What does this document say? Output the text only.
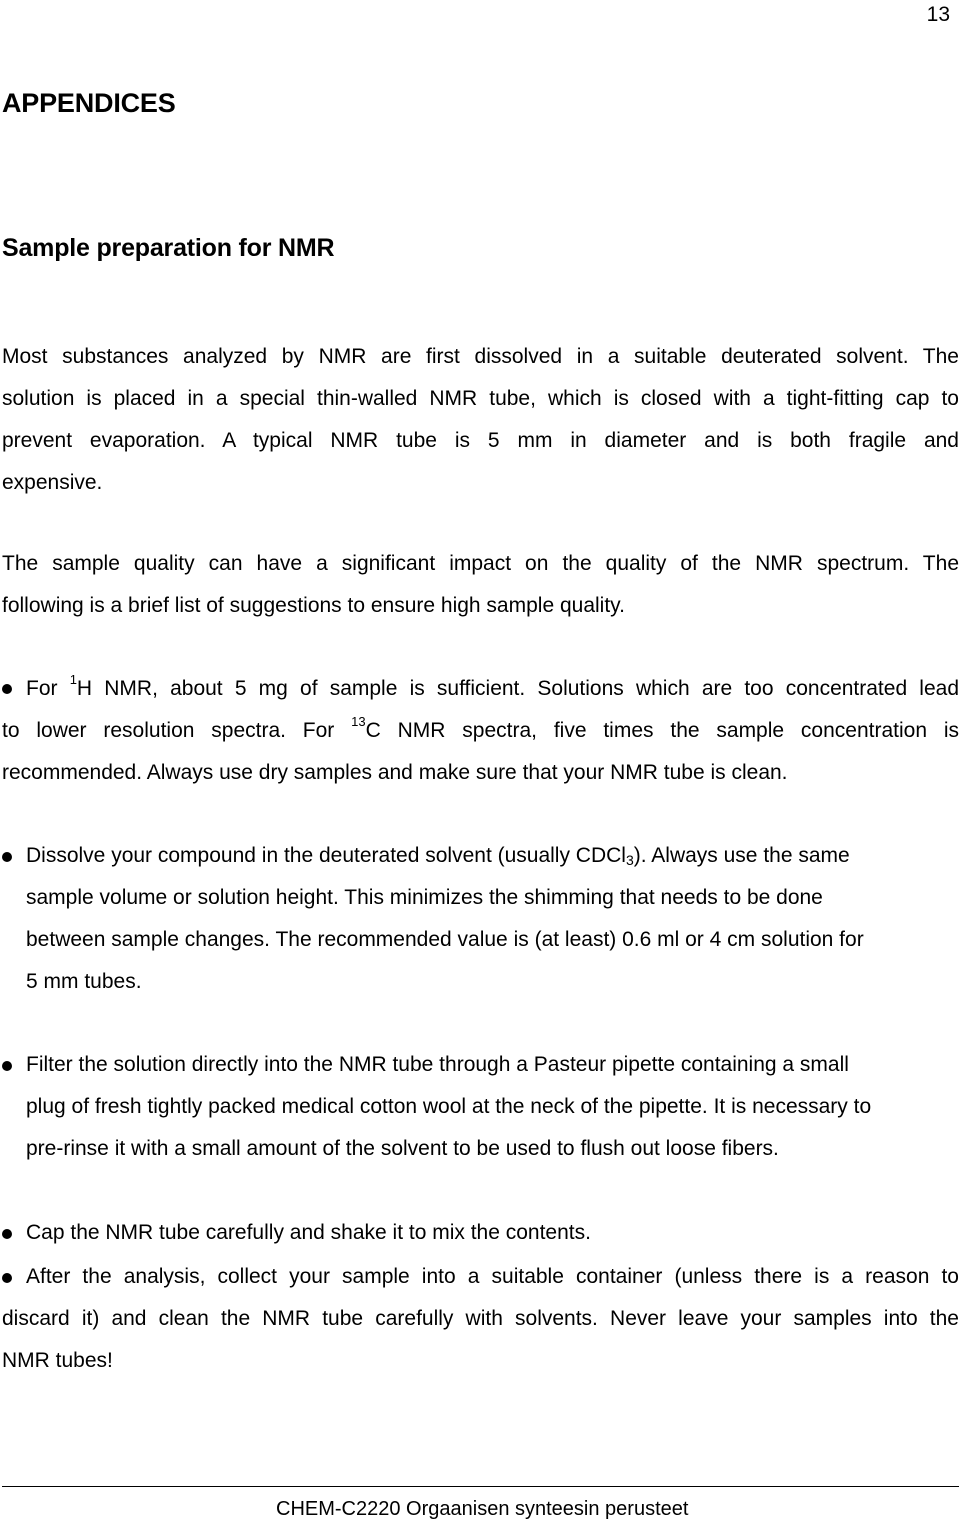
13
APPENDICES
Sample preparation for NMR
Most substances analyzed by NMR are first dissolved in a suitable deuterated solvent. The
solution is placed in a special thin-walled NMR tube, which is closed with a tight-fitting cap to
prevent evaporation. A typical NMR tube is 5 mm in diameter and is both fragile and
expensive.
The sample quality can have a significant impact on the quality of the NMR spectrum. The
following is a brief list of suggestions to ensure high sample quality.
For $^1$H NMR, about 5 mg of sample is sufficient. Solutions which are too concentrated lead
to lower resolution spectra. For $^{13}$C NMR spectra, five times the sample concentration is
recommended. Always use dry samples and make sure that your NMR tube is clean.
Dissolve your compound in the deuterated solvent (usually CDCl$_3$). Always use the same
sample volume or solution height. This minimizes the shimming that needs to be done
between sample changes. The recommended value is (at least) 0.6 ml or 4 cm solution for
5 mm tubes.
Filter the solution directly into the NMR tube through a Pasteur pipette containing a small
plug of fresh tightly packed medical cotton wool at the neck of the pipette. It is necessary to
pre-rinse it with a small amount of the solvent to be used to flush out loose fibers.
Cap the NMR tube carefully and shake it to mix the contents.
After the analysis, collect your sample into a suitable container (unless there is a reason to
discard it) and clean the NMR tube carefully with solvents. Never leave your samples into the
NMR tubes!
CHEM-C2220 Orgaanisen synteesin perusteet
